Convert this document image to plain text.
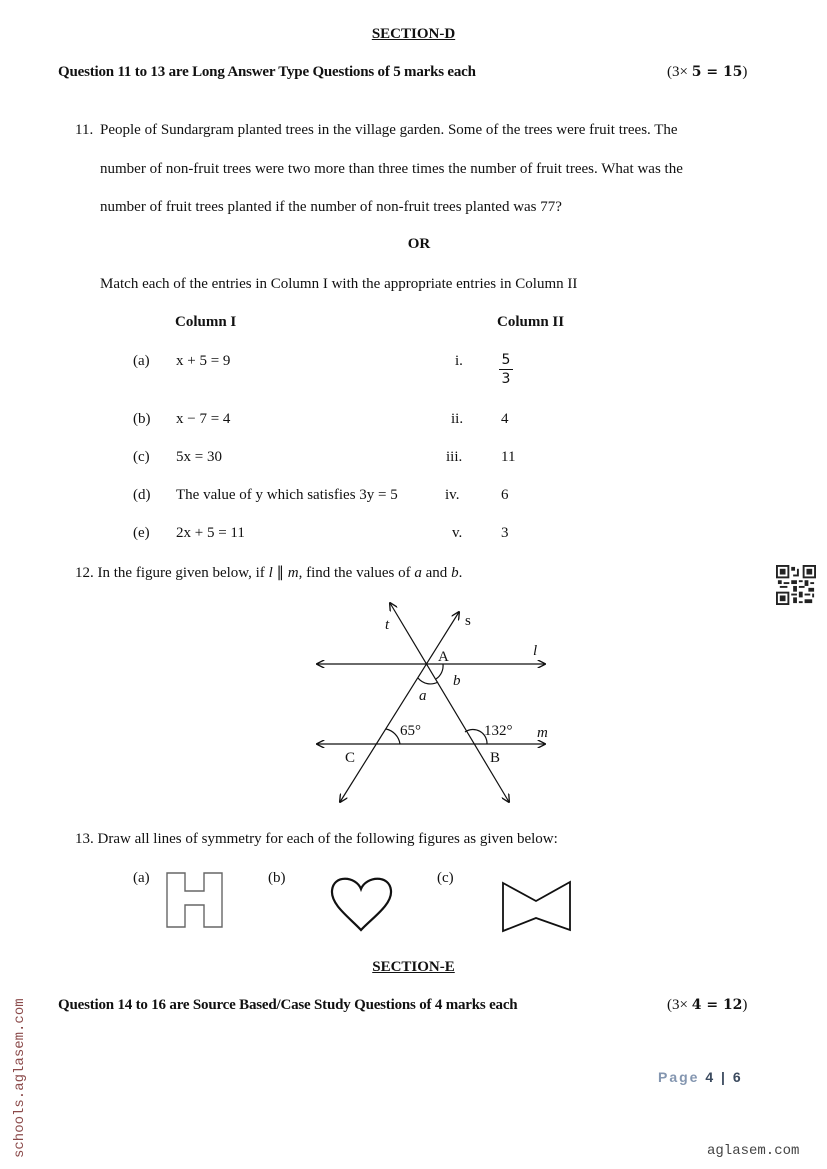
SECTION-D
Question 11 to 13 are Long Answer Type Questions of 5 marks each	(3× 5 = 15)
11. People of Sundargram planted trees in the village garden. Some of the trees were fruit trees. The
number of non-fruit trees were two more than three times the number of fruit trees. What was the
number of fruit trees planted if the number of non-fruit trees planted was 77?
OR
Match each of the entries in Column I with the appropriate entries in Column II
Column I	Column II
(a) x + 5 = 9	i.	5
3
(b) x − 7 = 4	ii.	4
(c) 5x = 30	iii.	11
(d) The value of y which satisfies 3y = 5	iv.	6
(e) 2x + 5 = 11	v.	3
12. In the figure given below, if l ∥ m, find the values of a and b.
t	s
l
m
A
B
C
a
b
65°	132°
13. Draw all lines of symmetry for each of the following figures as given below:
(a)	(b)	(c)
SECTION-E
Question 14 to 16 are Source Based/Case Study Questions of 4 marks each	(3× 4 = 12)
Page 4 | 6
aglasem.com
schools.aglasem.com
